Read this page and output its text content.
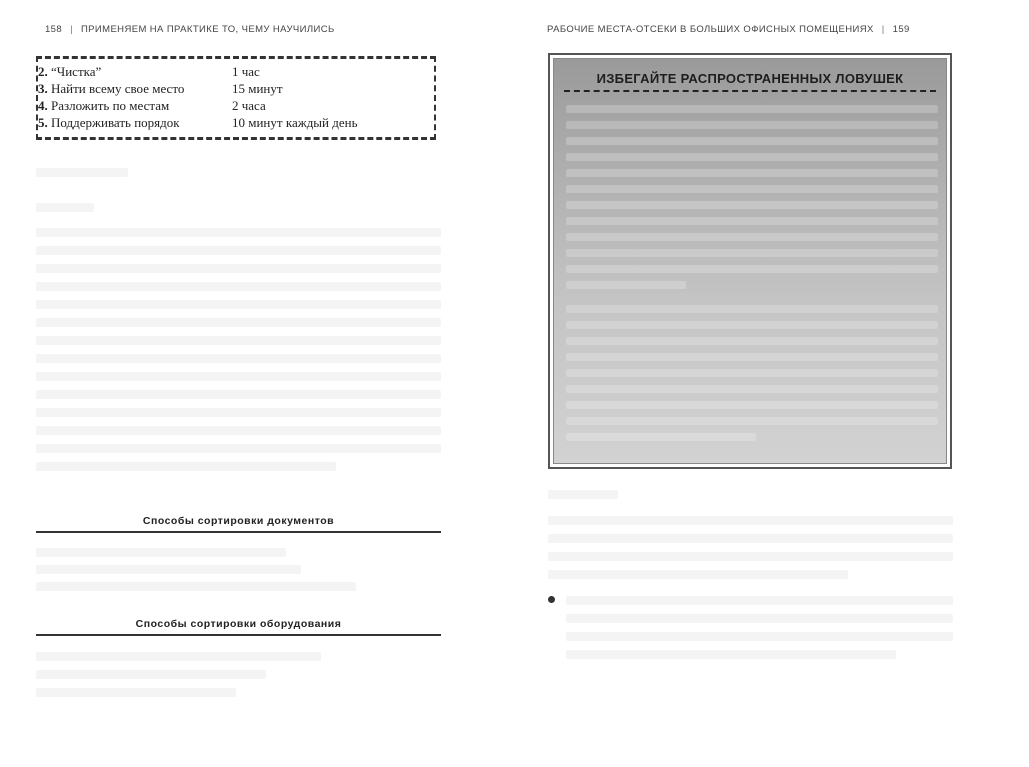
158 | ПРИМЕНЯЕМ НА ПРАКТИКЕ ТО, ЧЕМУ НАУЧИЛИСЬ
2. “Чистка”	1 час
3. Найти всему свое место	15 минут
4. Разложить по местам	2 часа
5. Поддерживать порядок	10 минут каждый день
Способы сортировки документов
Способы сортировки оборудования
РАБОЧИЕ МЕСТА-ОТСЕКИ В БОЛЬШИХ ОФИСНЫХ ПОМЕЩЕНИЯХ | 159
ИЗБЕГАЙТЕ РАСПРОСТРАНЕННЫХ ЛОВУШЕК
